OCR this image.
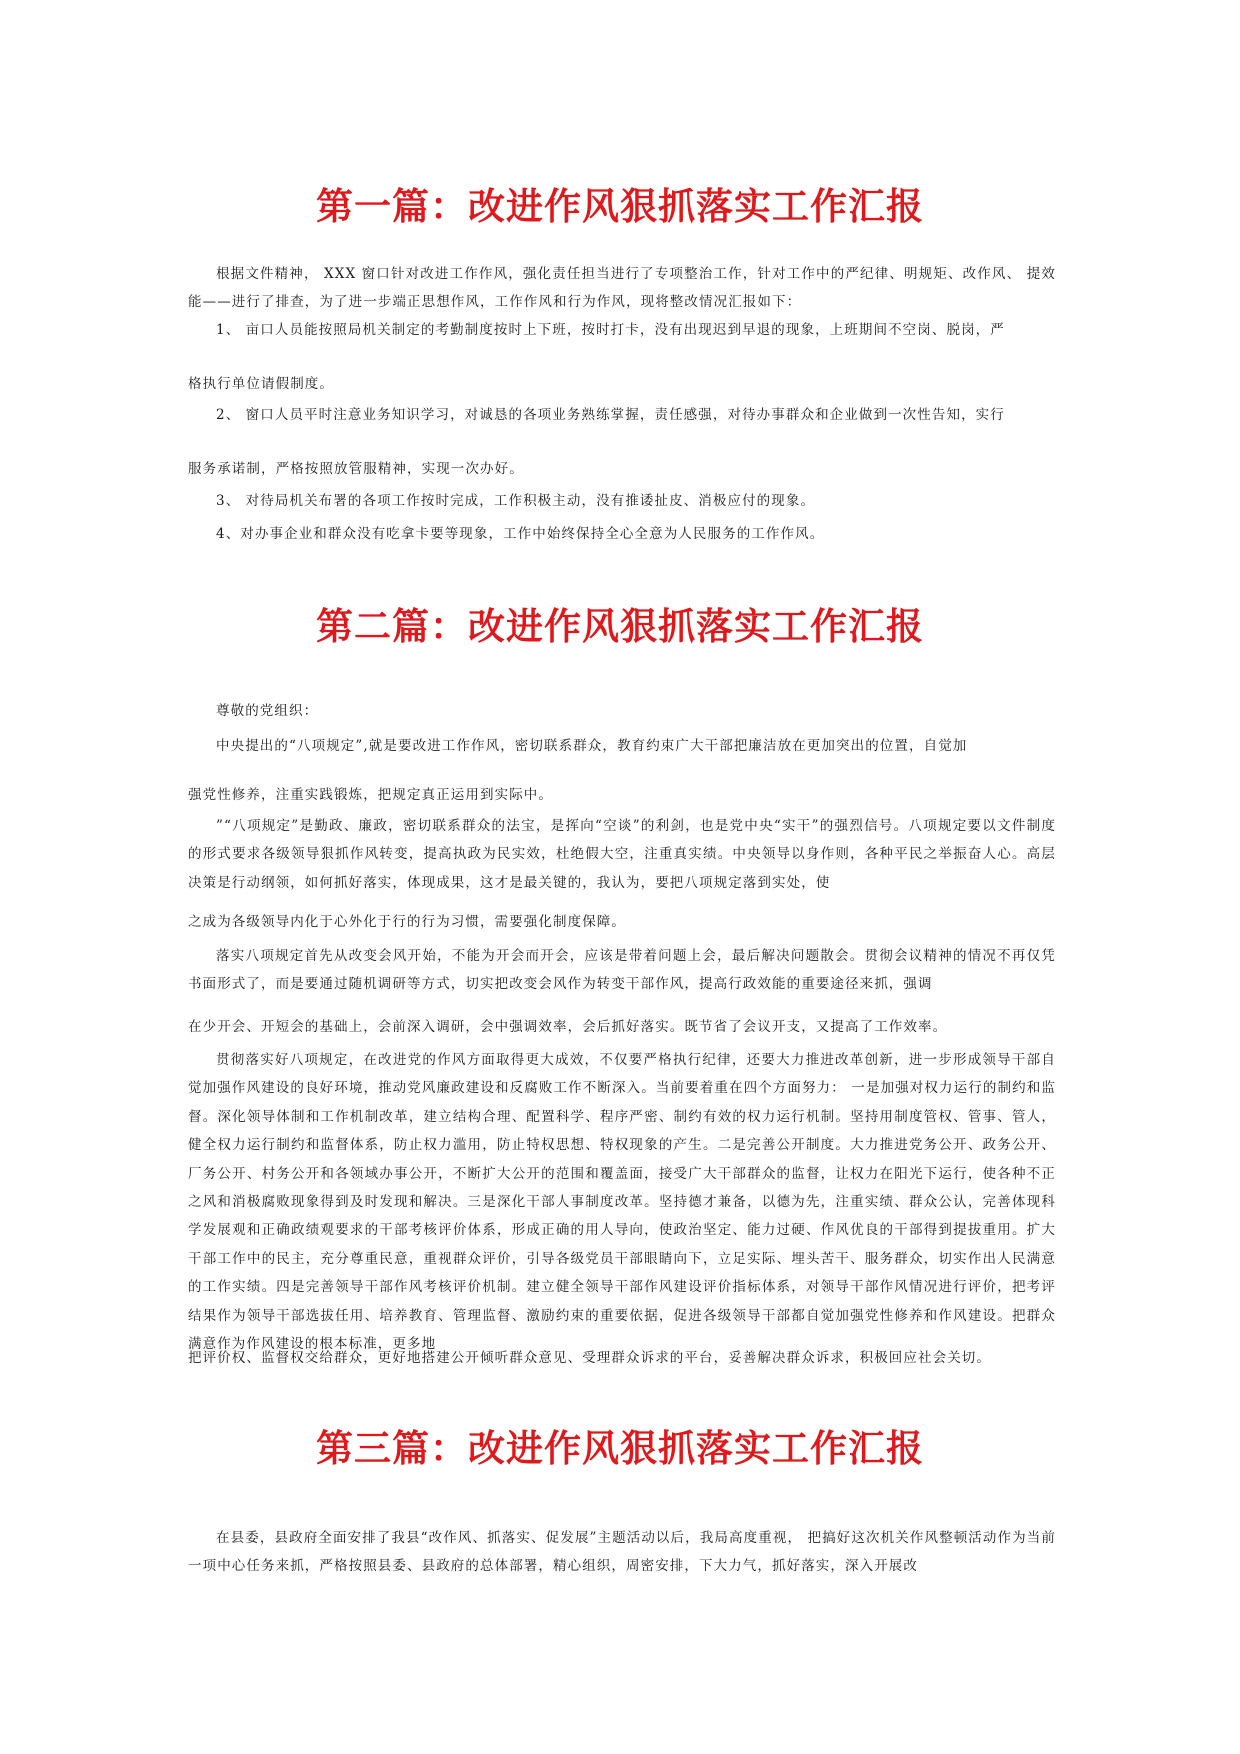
第一篇：改进作风狠抓落实工作汇报

根据文件精神， XXX 窗口针对改进工作作风，强化责任担当进行了专项整治工作，针对工作中的严纪律、明规矩、改作风、 提效能——进行了排查，为了进一步端正思想作风，工作作风和行为作风，现将整改情况汇报如下：

1、 亩口人员能按照局机关制定的考勤制度按时上下班，按时打卡，没有出现迟到早退的现象，上班期间不空岗、脱岗，严

格执行单位请假制度。

2、 窗口人员平时注意业务知识学习，对诚恳的各项业务熟练掌握，责任感强，对待办事群众和企业做到一次性告知，实行

服务承诺制，严格按照放管服精神，实现一次办好。

3、 对待局机关布署的各项工作按时完成，工作积极主动，没有推诿扯皮、消极应付的现象。

4、对办事企业和群众没有吃拿卡要等现象，工作中始终保持全心全意为人民服务的工作作风。

第二篇：改进作风狠抓落实工作汇报

尊敬的党组织：

中央提出的“八项规定”,就是要改进工作作风，密切联系群众，教育约束广大干部把廉洁放在更加突出的位置，自觉加

强党性修养，注重实践锻炼，把规定真正运用到实际中。

”“八项规定”是勤政、廉政，密切联系群众的法宝，是挥向“空谈”的利剑，也是党中央“实干”的强烈信号。八项规定要以文件制度的形式要求各级领导狠抓作风转变，提高执政为民实效，杜绝假大空，注重真实绩。中央领导以身作则，各种平民之举振奋人心。高层决策是行动纲领，如何抓好落实，体现成果，这才是最关键的，我认为，要把八项规定落到实处，使

之成为各级领导内化于心外化于行的行为习惯，需要强化制度保障。

落实八项规定首先从改变会风开始，不能为开会而开会，应该是带着问题上会，最后解决问题散会。贯彻会议精神的情况不再仅凭书面形式了，而是要通过随机调研等方式，切实把改变会风作为转变干部作风，提高行政效能的重要途径来抓，强调

在少开会、开短会的基础上，会前深入调研，会中强调效率，会后抓好落实。既节省了会议开支，又提高了工作效率。

贯彻落实好八项规定，在改进党的作风方面取得更大成效，不仅要严格执行纪律，还要大力推进改革创新，进一步形成领导干部自觉加强作风建设的良好环境，推动党风廉政建设和反腐败工作不断深入。当前要着重在四个方面努力： 一是加强对权力运行的制约和监督。深化领导体制和工作机制改革，建立结构合理、配置科学、程序严密、制约有效的权力运行机制。坚持用制度管权、管事、管人，健全权力运行制约和监督体系，防止权力滥用，防止特权思想、特权现象的产生。二是完善公开制度。大力推进党务公开、政务公开、厂务公开、村务公开和各领域办事公开，不断扩大公开的范围和覆盖面，接受广大干部群众的监督，让权力在阳光下运行，使各种不正之风和消极腐败现象得到及时发现和解决。三是深化干部人事制度改革。坚持德才兼备，以德为先，注重实绩、群众公认，完善体现科学发展观和正确政绩观要求的干部考核评价体系，形成正确的用人导向，使政治坚定、能力过硬、作风优良的干部得到提拔重用。扩大干部工作中的民主，充分尊重民意，重视群众评价，引导各级党员干部眼睛向下，立足实际、埋头苦干、服务群众，切实作出人民满意的工作实绩。四是完善领导干部作风考核评价机制。建立健全领导干部作风建设评价指标体系，对领导干部作风情况进行评价，把考评结果作为领导干部选拔任用、培养教育、管理监督、激励约束的重要依据，促进各级领导干部都自觉加强党性修养和作风建设。把群众满意作为作风建设的根本标准，更多地

把评价权、监督权交给群众，更好地搭建公开倾听群众意见、受理群众诉求的平台，妥善解决群众诉求，积极回应社会关切。

第三篇：改进作风狠抓落实工作汇报

在县委，县政府全面安排了我县“改作风、抓落实、促发展”主题活动以后，我局高度重视， 把搞好这次机关作风整顿活动作为当前一项中心任务来抓，严格按照县委、县政府的总体部署，精心组织，周密安排，下大力气，抓好落实，深入开展改
